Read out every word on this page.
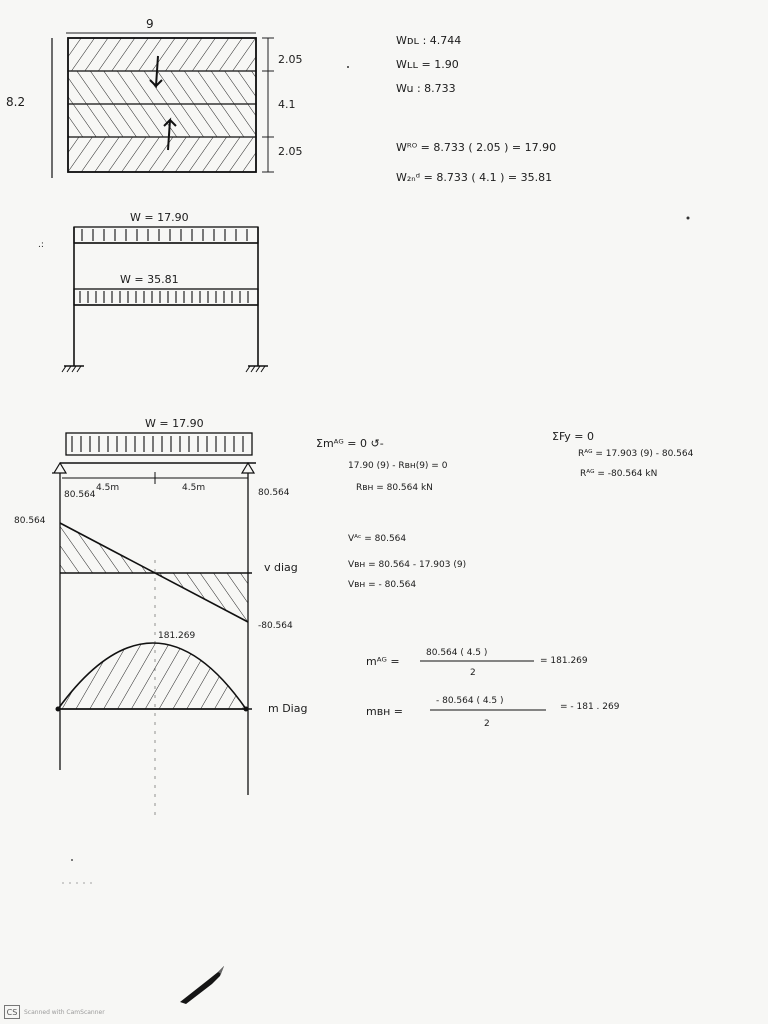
9
8.2
2.05
4.1
2.05
Wᴅʟ : 4.744
Wʟʟ = 1.90
Wu : 8.733
Wᴿᴼ = 8.733 ( 2.05 ) = 17.90
W₂ₙᵈ = 8.733 ( 4.1 ) = 35.81
W = 17.90
W = 35.81
.:
W = 17.90
4.5m	4.5m
80.564	80.564
80.564
-80.564
v diag
181.269
m Diag
Σmᴬᴳ = 0 ↺-
17.90 (9) - Rʙʜ(9) = 0
Rʙʜ = 80.564 kN
ΣFy = 0
Rᴬᴳ = 17.903 (9) - 80.564
Rᴬᴳ = -80.564 kN
Vᴬᶜ = 80.564
Vʙʜ = 80.564 - 17.903 (9)
Vʙʜ = - 80.564
mᴬᴳ =
80.564 ( 4.5 )
2
= 181.269
mʙʜ =
- 80.564 ( 4.5 )
2
= - 181 . 269
CS	Scanned with CamScanner
